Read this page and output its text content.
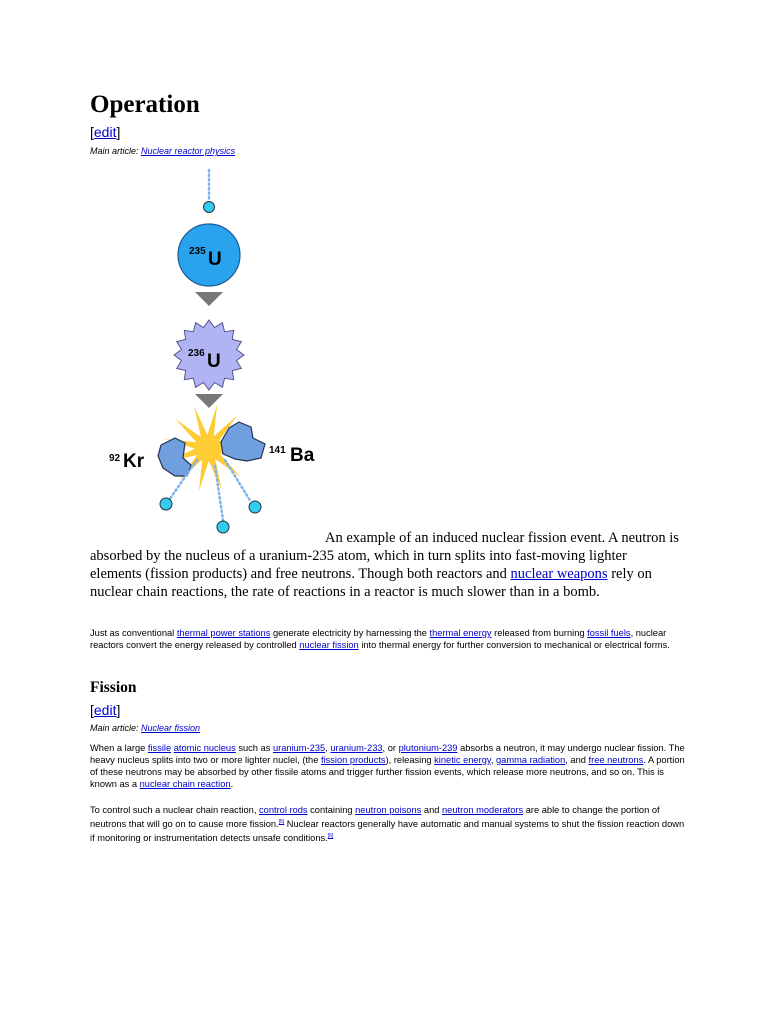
Operation
[edit]
Main article: Nuclear reactor physics
235 U
236 U
92 Kr
141 Ba

An example of an induced nuclear fission event. A neutron is absorbed by the nucleus of a uranium-235 atom, which in turn splits into fast-moving lighter elements (fission products) and free neutrons. Though both reactors and nuclear weapons rely on nuclear chain reactions, the rate of reactions in a reactor is much slower than in a bomb.

Just as conventional thermal power stations generate electricity by harnessing the thermal energy released from burning fossil fuels, nuclear reactors convert the energy released by controlled nuclear fission into thermal energy for further conversion to mechanical or electrical forms.

Fission
[edit]
Main article: Nuclear fission

When a large fissile atomic nucleus such as uranium-235, uranium-233, or plutonium-239 absorbs a neutron, it may undergo nuclear fission. The heavy nucleus splits into two or more lighter nuclei, (the fission products), releasing kinetic energy, gamma radiation, and free neutrons. A portion of these neutrons may be absorbed by other fissile atoms and trigger further fission events, which release more neutrons, and so on. This is known as a nuclear chain reaction.

To control such a nuclear chain reaction, control rods containing neutron poisons and neutron moderators are able to change the portion of neutrons that will go on to cause more fission.[5] Nuclear reactors generally have automatic and manual systems to shut the fission reaction down if monitoring or instrumentation detects unsafe conditions.[6]
